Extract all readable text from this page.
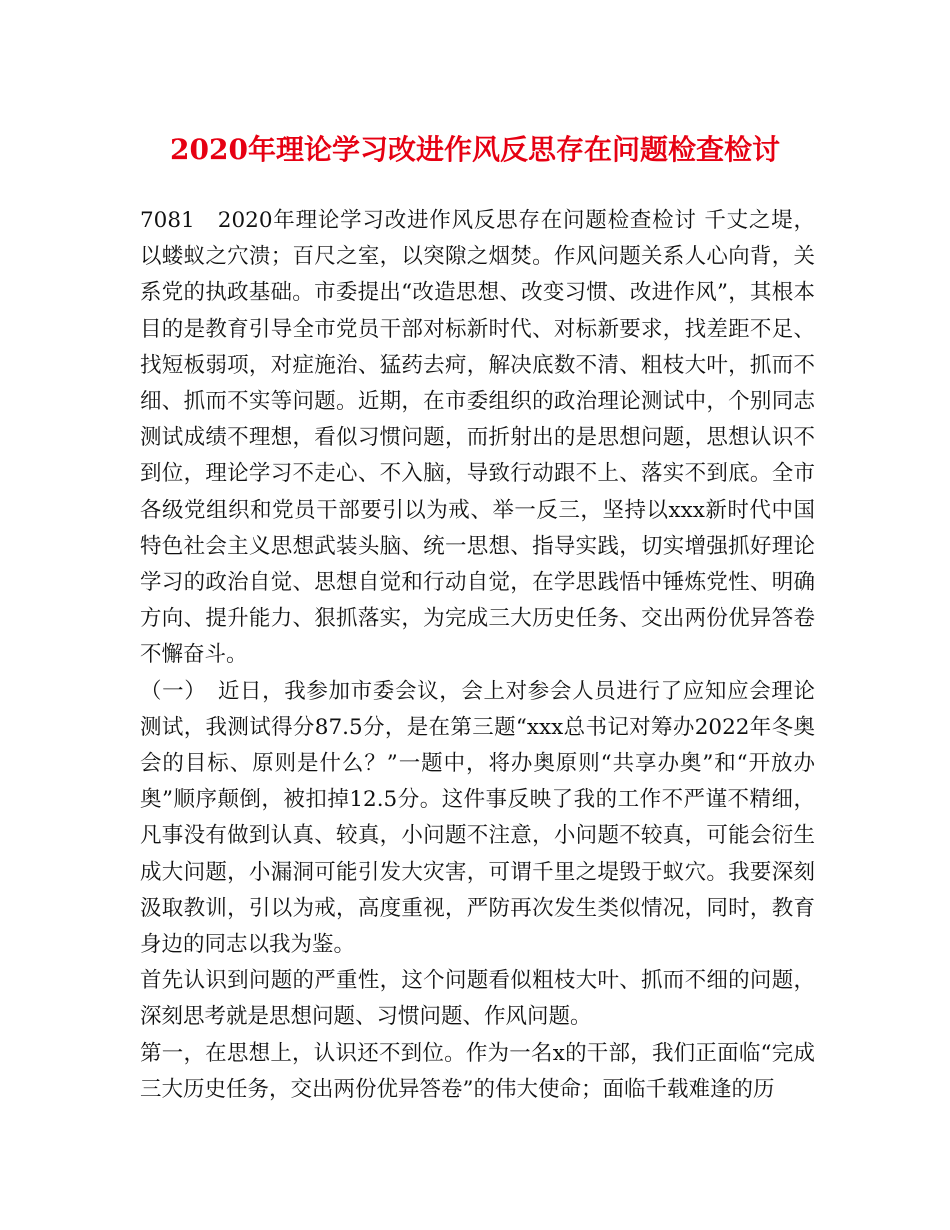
2020年理论学习改进作风反思存在问题检查检讨

7081　2020年理论学习改进作风反思存在问题检查检讨 千丈之堤，以蝼蚁之穴溃；百尺之室，以突隙之烟焚。作风问题关系人心向背，关系党的执政基础。市委提出“改造思想、改变习惯、改进作风”，其根本目的是教育引导全市党员干部对标新时代、对标新要求，找差距不足、找短板弱项，对症施治、猛药去疴，解决底数不清、粗枝大叶，抓而不细、抓而不实等问题。近期，在市委组织的政治理论测试中，个别同志测试成绩不理想，看似习惯问题，而折射出的是思想问题，思想认识不到位，理论学习不走心、不入脑，导致行动跟不上、落实不到底。全市各级党组织和党员干部要引以为戒、举一反三，坚持以xxx新时代中国特色社会主义思想武装头脑、统一思想、指导实践，切实增强抓好理论学习的政治自觉、思想自觉和行动自觉，在学思践悟中锤炼党性、明确方向、提升能力、狠抓落实，为完成三大历史任务、交出两份优异答卷不懈奋斗。

（一）　近日，我参加市委会议，会上对参会人员进行了应知应会理论测试，我测试得分87.5分，是在第三题“xxx总书记对筹办2022年冬奥会的目标、原则是什么？”一题中，将办奥原则“共享办奥”和“开放办奥”顺序颠倒，被扣掉12.5分。这件事反映了我的工作不严谨不精细，凡事没有做到认真、较真，小问题不注意，小问题不较真，可能会衍生成大问题，小漏洞可能引发大灾害，可谓千里之堤毁于蚁穴。我要深刻汲取教训，引以为戒，高度重视，严防再次发生类似情况，同时，教育身边的同志以我为鉴。

首先认识到问题的严重性，这个问题看似粗枝大叶、抓而不细的问题，深刻思考就是思想问题、习惯问题、作风问题。

第一，在思想上，认识还不到位。作为一名x的干部，我们正面临“完成三大历史任务，交出两份优异答卷”的伟大使命；面临千载难逢的历
